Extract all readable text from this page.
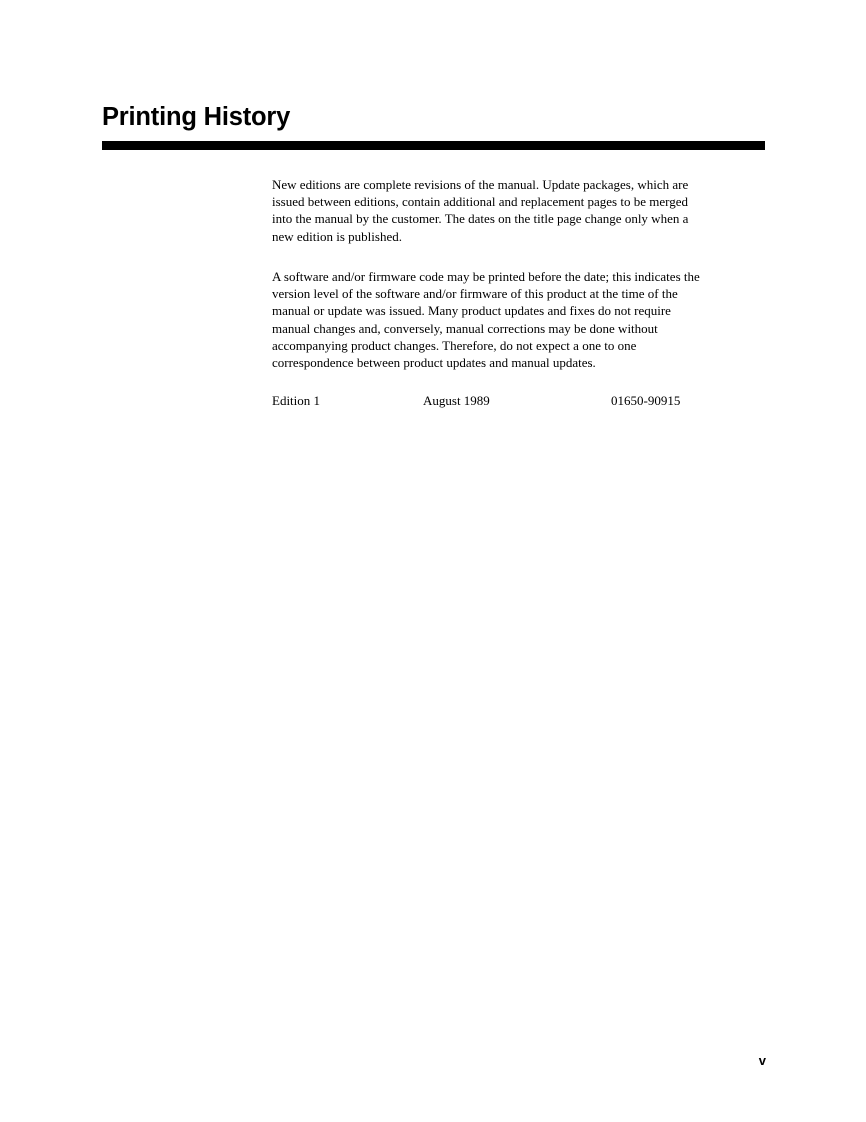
Printing History
New editions are complete revisions of the manual. Update packages, which are
issued between editions, contain additional and replacement pages to be merged
into the manual by the customer. The dates on the title page change only when a
new edition is published.
A software and/or firmware code may be printed before the date; this indicates the
version level of the software and/or firmware of this product at the time of the
manual or update was issued. Many product updates and fixes do not require
manual changes and, conversely, manual corrections may be done without
accompanying product changes. Therefore, do not expect a one to one
correspondence between product updates and manual updates.
Edition 1	August 1989	01650-90915
v
